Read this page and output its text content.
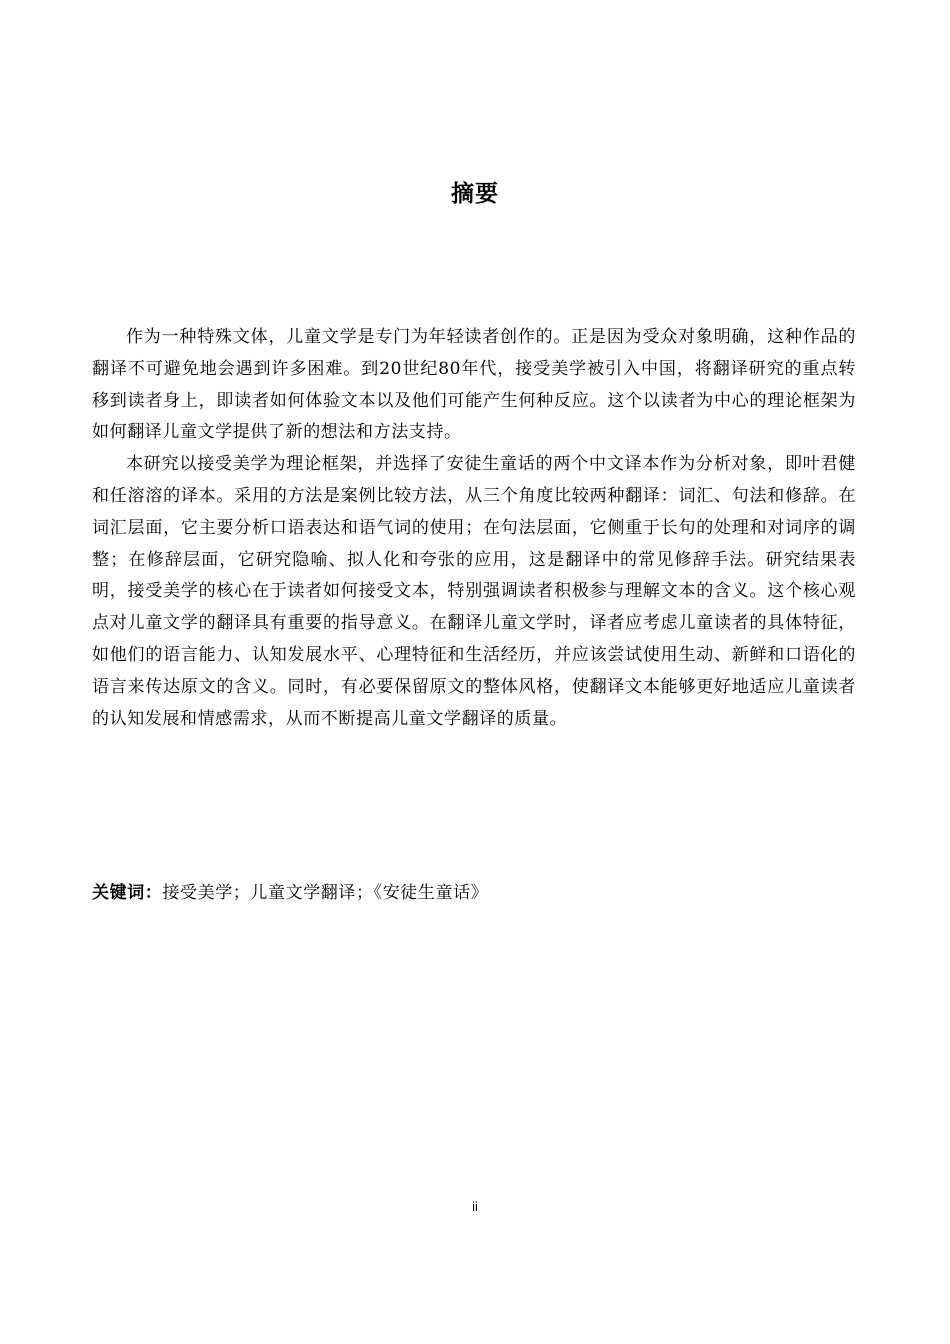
摘要

作为一种特殊文体，儿童文学是专门为年轻读者创作的。正是因为受众对象明确，这种作品的翻译不可避免地会遇到许多困难。到20世纪80年代，接受美学被引入中国，将翻译研究的重点转移到读者身上，即读者如何体验文本以及他们可能产生何种反应。这个以读者为中心的理论框架为如何翻译儿童文学提供了新的想法和方法支持。

本研究以接受美学为理论框架，并选择了安徒生童话的两个中文译本作为分析对象，即叶君健和任溶溶的译本。采用的方法是案例比较方法，从三个角度比较两种翻译：词汇、句法和修辞。在词汇层面，它主要分析口语表达和语气词的使用；在句法层面，它侧重于长句的处理和对词序的调整；在修辞层面，它研究隐喻、拟人化和夸张的应用，这是翻译中的常见修辞手法。研究结果表明，接受美学的核心在于读者如何接受文本，特别强调读者积极参与理解文本的含义。这个核心观点对儿童文学的翻译具有重要的指导意义。在翻译儿童文学时，译者应考虑儿童读者的具体特征，如他们的语言能力、认知发展水平、心理特征和生活经历，并应该尝试使用生动、新鲜和口语化的语言来传达原文的含义。同时，有必要保留原文的整体风格，使翻译文本能够更好地适应儿童读者的认知发展和情感需求，从而不断提高儿童文学翻译的质量。

关键词：接受美学；儿童文学翻译；《安徒生童话》
ii
